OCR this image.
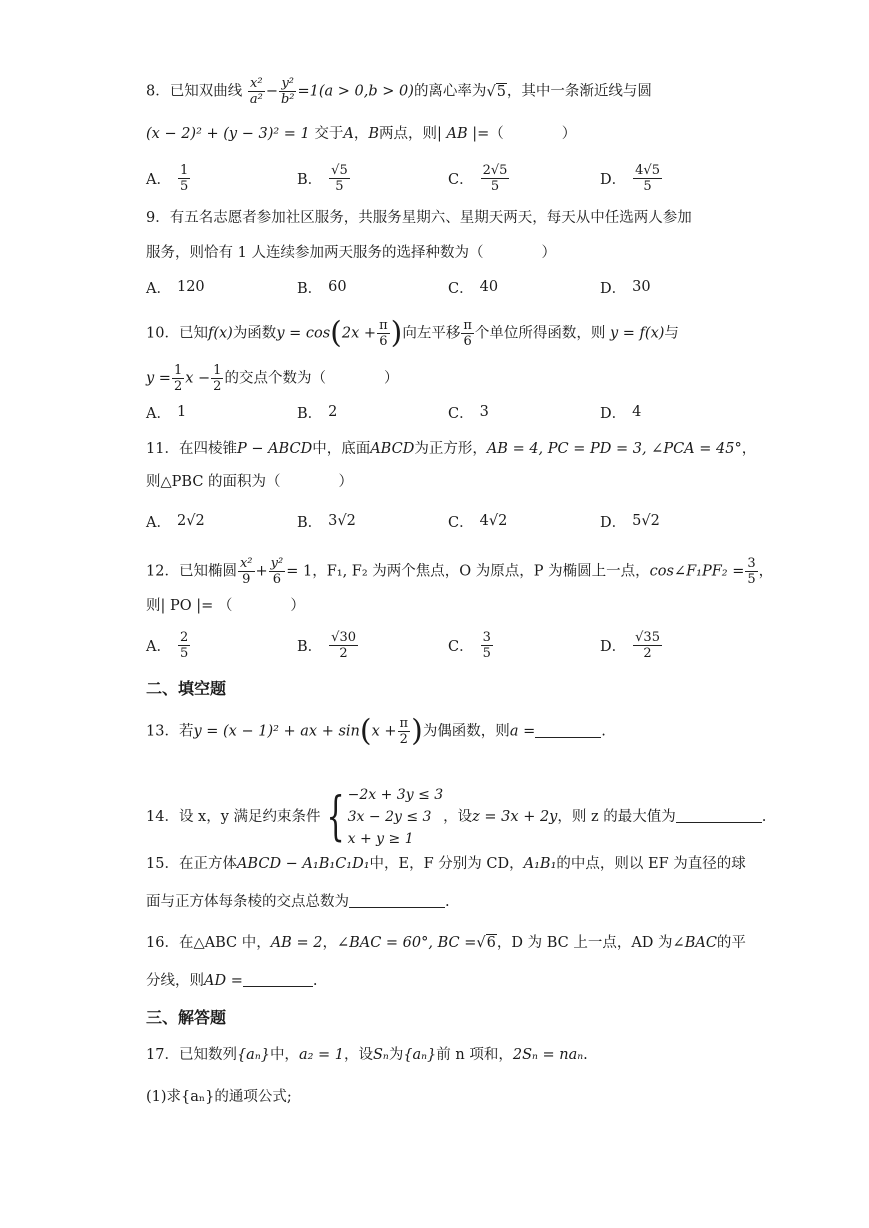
8．已知双曲线 $\frac{\text{x²}}{\text{a²}} - \frac{\text{y²}}{\text{b²}} =1(a > 0,b > 0)$的离心率为√5，其中一条渐近线与圆
(x − 2)² + (y − 3)² = 1 交于A，B两点，则| AB |=（　　　　）
A． $\frac{1}{5}$	B． $\frac{√5}{5}$	C． $\frac{2√5}{5}$	D． $\frac{4√5}{5}$
9．有五名志愿者参加社区服务，共服务星期六、星期天两天，每天从中任选两人参加
服务，则恰有 1 人连续参加两天服务的选择种数为（　　　　）
A． 120	B． 60	C． 40	D． 30
10．已知f(x)为函数$y = \cos(2x + \frac{\pi}{6}$ )向左平移 $\frac{\pi}{6}$ 个单位所得函数，则 y = f(x)与
$y = \frac{1}{2}$ $x - \frac{1}{2}$ 的交点个数为（　　　　）
A． 1	B． 2	C． 3	D． 4
11．在四棱锥P − ABCD中，底面ABCD为正方形，AB = 4, PC = PD = 3, ∠PCA = 45°，
则△PBC 的面积为（　　　　）
A． 2√2	B． 3√2	C． 4√2	D． 5√2
12．已知椭圆 $\frac{\text{x²}}{9} + \frac{\text{y²}}{6} = 1$，F₁, F₂ 为两个焦点，O 为原点，P 为椭圆上一点，cos∠F₁PF₂ = $\frac{3}{5}$ ，
则| PO |= （　　　　）
A． $\frac{2}{5}$	B． $\frac{√30}{2}$	C． $\frac{3}{5}$	D． $\frac{√35}{2}$
二、填空题
13．若y = (x − 1)² + ax + $\sin(x + \frac{\pi}{2}$ )为偶函数，则a =	.
14．设 x，y 满足约束条件 { −2x + 3y ≤ 3
3x − 2y ≤ 3
x + y ≥ 1
，设z = 3x + 2y，则 z 的最大值为	.
15．在正方体ABCD − A₁B₁C₁D₁中，E，F 分别为 CD，A₁B₁的中点，则以 EF 为直径的球
面与正方体每条棱的交点总数为	.
16．在△ABC 中，AB = 2，∠BAC = 60°, BC =√6，D 为 BC 上一点，AD 为∠BAC的平
分线，则AD =	.
三、解答题
17．已知数列{aₙ}中，a₂ = 1，设Sₙ为{aₙ}前 n 项和，2Sₙ = naₙ.
(1)求{aₙ}的通项公式;
